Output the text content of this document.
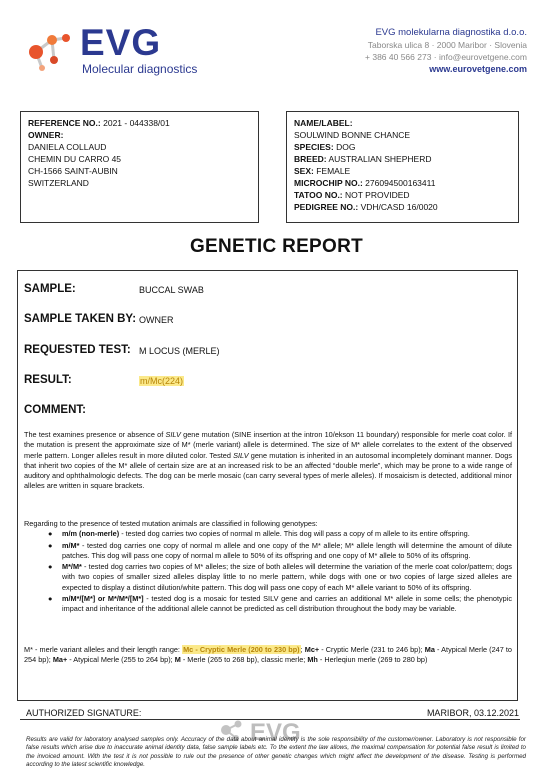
EVG
Molecular diagnostics
EVG molekularna diagnostika d.o.o.
Taborska ulica 8 · 2000 Maribor · Slovenia
+ 386 40 566 273 · info@eurovetgene.com
www.eurovetgene.com
REFERENCE NO.: 2021 - 044338/01
OWNER:
DANIELA COLLAUD
CHEMIN DU CARRO 45
CH-1566 SAINT-AUBIN
SWITZERLAND
NAME/LABEL:
SOULWIND BONNE CHANCE
SPECIES: DOG
BREED: AUSTRALIAN SHEPHERD
SEX: FEMALE
MICROCHIP NO.: 276094500163411
TATOO NO.: NOT PROVIDED
PEDIGREE NO.: VDH/CASD 16/0020
GENETIC REPORT
SAMPLE:	BUCCAL SWAB
SAMPLE TAKEN BY: OWNER
REQUESTED TEST: M LOCUS (MERLE)
RESULT:	m/Mc(224)
COMMENT:
The test examines presence or absence of SILV gene mutation (SINE insertion at the intron 10/ekson 11 boundary) responsible for merle coat color. If the mutation is present the approximate size of M* (merle variant) allele is determined. The size of M* allele correlates to the extent of the observed merle pattern. Longer alleles result in more diluted color. Tested SILV gene mutation is inherited in an autosomal incompletely dominant manner. Dogs that inherit two copies of the M* allele of certain size are at an increased risk to be an affected “double merle”, which may be prone to a wide range of auditory and ophthalmologic defects. The dog can be merle mosaic (can carry several types of merle alleles). If mosaicism is detected, additional minor alleles are written in square brackets.
Regarding to the presence of tested mutation animals are classified in following genotypes:
● m/m (non-merle) - tested dog carries two copies of normal m allele. This dog will pass a copy of m allele to its entire offspring.
● m/M* - tested dog carries one copy of normal m allele and one copy of the M* allele; M* allele length will determine the amount of dilute patches. This dog will pass one copy of normal m allele to 50% of its offspring and one copy of M* allele to 50% of its offspring.
● M*/M* - tested dog carries two copies of M* alleles; the size of both alleles will determine the variation of the merle coat color/pattern; dogs with two copies of smaller sized alleles display little to no merle pattern, while dogs with one or two copies of large sized alleles are expected to display a distinct dilution/white pattern. This dog will pass one copy of each M* allele variant to 50% of its offspring.
● m/M*/[M*] or M*/M*/[M*] - tested dog is a mosaic for tested SILV gene and carries an additional M* allele in some cells; the phenotypic impact and inheritance of the additional allele cannot be predicted as cell distribution throughout the body may be variable.
M* - merle variant alleles and their length range: Mc - Cryptic Merle (200 to 230 bp); Mc+ - Cryptic Merle (231 to 246 bp); Ma - Atypical Merle (247 to 254 bp); Ma+ - Atypical Merle (255 to 264 bp); M - Merle (265 to 268 bp), classic merle; Mh - Herleqiun merle (269 to 280 bp)
AUTHORIZED SIGNATURE:	MARIBOR, 03.12.2021
EVG
Results are valid for laboratory analysed samples only. Accuracy of the data about animal identity is the sole responsibility of the customer/owner. Laboratory is not responsible for false results which arise due to inaccurate animal identity data, false sample labels etc. To the extent the law allows, the maximal compensation for potential false result is limited to the invoiced amount. With the test it is not possible to rule out the presence of other genetic changes which might affect the development of the disease. Testing is performed according to the latest scientific knowledge.
